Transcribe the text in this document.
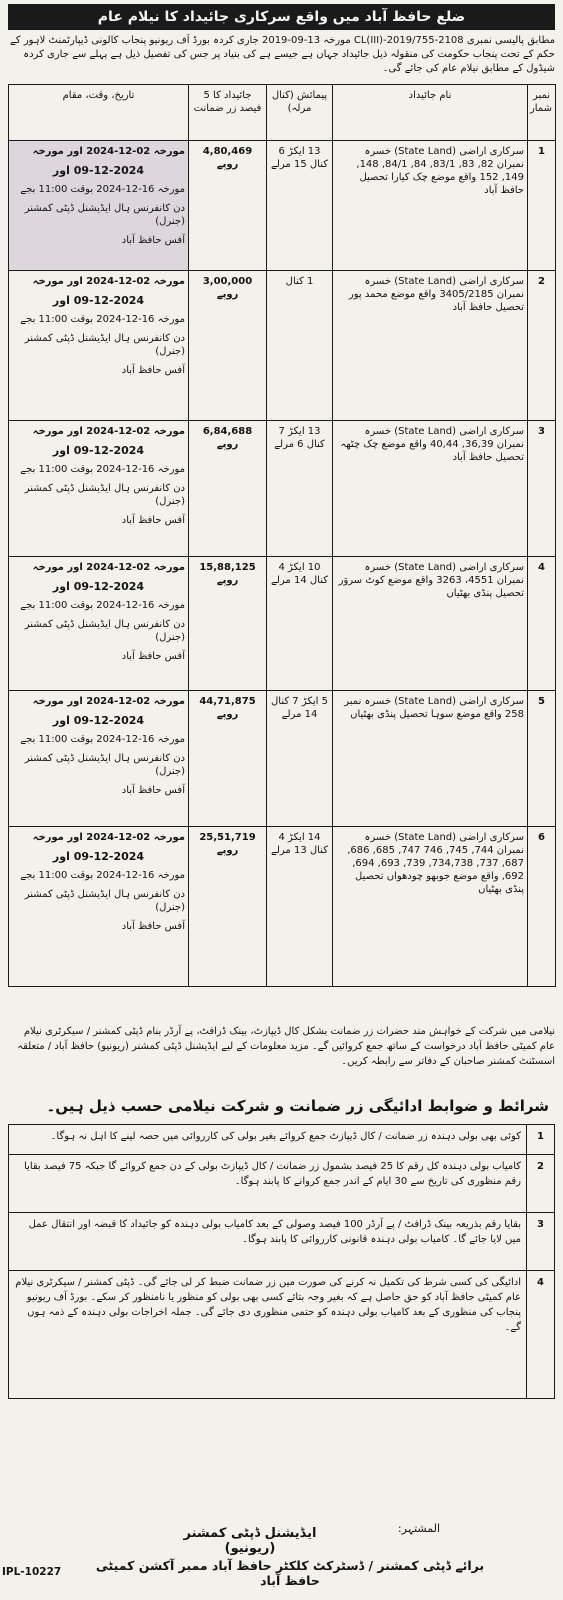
ضلع حافظ آباد میں واقع سرکاری جائیداد کا نیلام عام
مطابق پالیسی نمبری 2108-2019/755-CL(III) مورخہ 13-09-2019 جاری کردہ بورڈ آف ریونیو پنجاب کالونی ڈیپارٹمنٹ لاہور کے حکم کے تحت پنجاب حکومت کی منقولہ ذیل جائیداد جہاں ہے جیسے ہے کی بنیاد پر جس کی تفصیل ذیل ہے پہلے سے جاری کردہ شیڈول کے مطابق نیلام عام کی جائے گی۔
نمبر شمار	نام جائیداد	پیمائش (کنال مرلہ)	جائیداد کا 5 فیصد زر ضمانت	تاریخ، وقت، مقام
1	سرکاری اراضی (State Land) خسرہ نمبران 82, 83, 83/1, 84, 84/1, 148, 149, 152 واقع موضع چک کیارا تحصیل حافظ آباد	13 ایکڑ 6 کنال 15 مرلے	4,80,469 روپے	مورخہ 02-12-2024 اور مورخہ
09-12-2024 اور
مورخہ 16-12-2024 بوقت 11:00 بجے
دن کانفرنس ہال ایڈیشنل ڈپٹی کمشنر (جنرل)
آفس حافظ آباد

2	سرکاری اراضی (State Land) خسرہ نمبران 3405/2185 واقع موضع محمد پور تحصیل حافظ آباد	1 کنال	3,00,000 روپے	مورخہ 02-12-2024 اور مورخہ
09-12-2024 اور
مورخہ 16-12-2024 بوقت 11:00 بجے
دن کانفرنس ہال ایڈیشنل ڈپٹی کمشنر (جنرل)
آفس حافظ آباد

3	سرکاری اراضی (State Land) خسرہ نمبران 36,39, 40,44 واقع موضع چک چٹھہ تحصیل حافظ آباد	13 ایکڑ 7 کنال 6 مرلے	6,84,688 روپے	مورخہ 02-12-2024 اور مورخہ
09-12-2024 اور
مورخہ 16-12-2024 بوقت 11:00 بجے
دن کانفرنس ہال ایڈیشنل ڈپٹی کمشنر (جنرل)
آفس حافظ آباد

4	سرکاری اراضی (State Land) خسرہ نمبران 4551، 3263 واقع موضع کوٹ سروَر تحصیل پنڈی بھٹیاں	10 ایکڑ 4 کنال 14 مرلے	15,88,125 روپے	مورخہ 02-12-2024 اور مورخہ
09-12-2024 اور
مورخہ 16-12-2024 بوقت 11:00 بجے
دن کانفرنس ہال ایڈیشنل ڈپٹی کمشنر (جنرل)
آفس حافظ آباد

5	سرکاری اراضی (State Land) خسرہ نمبر 258 واقع موضع سوہا تحصیل پنڈی بھٹیاں	5 ایکڑ 7 کنال 14 مرلے	44,71,875 روپے	مورخہ 02-12-2024 اور مورخہ
09-12-2024 اور
مورخہ 16-12-2024 بوقت 11:00 بجے
دن کانفرنس ہال ایڈیشنل ڈپٹی کمشنر (جنرل)
آفس حافظ آباد

6	سرکاری اراضی (State Land) خسرہ نمبران 744, 745, 746 747, 685, 686, 687, 737, 734,738, 739, 693, 694, 692, واقع موضع جوبھو چودھواں تحصیل پنڈی بھٹیاں	14 ایکڑ 4 کنال 13 مرلے	25,51,719 روپے	مورخہ 02-12-2024 اور مورخہ
09-12-2024 اور
مورخہ 16-12-2024 بوقت 11:00 بجے
دن کانفرنس ہال ایڈیشنل ڈپٹی کمشنر (جنرل)
آفس حافظ آباد
نیلامی میں شرکت کے خواہش مند حضرات زر ضمانت بشکل کال ڈیپازٹ، بینک ڈرافٹ، پے آرڈر بنام ڈپٹی کمشنر / سیکرٹری نیلام عام کمیٹی حافظ آباد درخواست کے ساتھ جمع کروائیں گے۔ مزید معلومات کے لیے ایڈیشنل ڈپٹی کمشنر (ریونیو) حافظ آباد / متعلقہ اسسٹنٹ کمشنر صاحبان کے دفاتر سے رابطہ کریں۔
شرائط و ضوابط ادائیگی زر ضمانت و شرکت نیلامی حسب ذیل ہیں۔
1	کوئی بھی بولی دہندہ زر ضمانت / کال ڈیپازٹ جمع کروائے بغیر بولی کی کارروائی میں حصہ لینے کا اہل نہ ہوگا۔
2	کامیاب بولی دہندہ کل رقم کا 25 فیصد بشمول زر ضمانت / کال ڈیپازٹ بولی کے دن جمع کروائے گا جبکہ 75 فیصد بقایا رقم منظوری کی تاریخ سے 30 ایام کے اندر جمع کروانے کا پابند ہوگا۔
3	بقایا رقم بذریعہ بینک ڈرافٹ / پے آرڈر 100 فیصد وصولی کے بعد کامیاب بولی دہندہ کو جائیداد کا قبضہ اور انتقال عمل میں لایا جائے گا۔ کامیاب بولی دہندہ قانونی کارروائی کا پابند ہوگا۔
4	ادائیگی کی کسی شرط کی تکمیل نہ کرنے کی صورت میں زر ضمانت ضبط کر لی جائے گی۔ ڈپٹی کمشنر / سیکرٹری نیلام عام کمیٹی حافظ آباد کو حق حاصل ہے کہ بغیر وجہ بتائے کسی بھی بولی کو منظور یا نامنظور کر سکے۔ بورڈ آف ریونیو پنجاب کی منظوری کے بعد کامیاب بولی دہندہ کو حتمی منظوری دی جائے گی۔ جملہ اخراجات بولی دہندہ کے ذمہ ہوں گے۔
المشتہر:
ایڈیشنل ڈپٹی کمشنر (ریونیو)
برائے ڈپٹی کمشنر / ڈسٹرکٹ کلکٹر حافظ آباد ممبر آکشن کمیٹی حافظ آباد
IPL-10227
